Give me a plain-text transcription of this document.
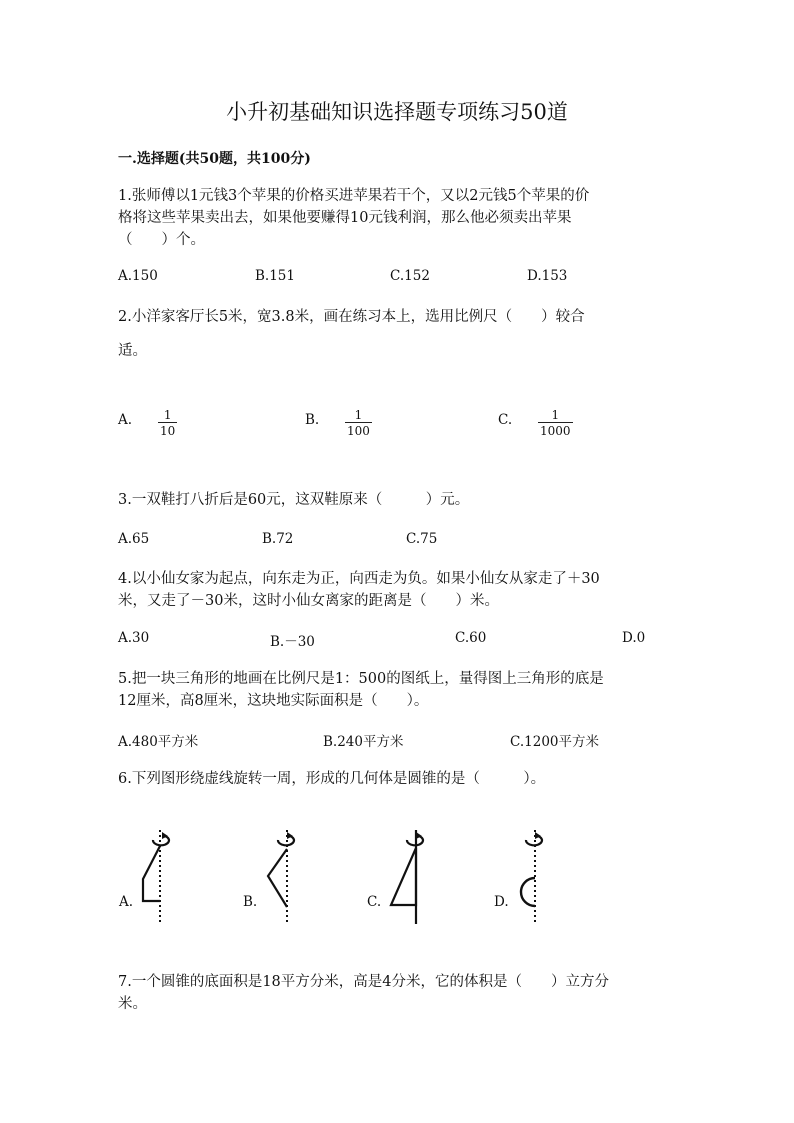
小升初基础知识选择题专项练习50道
一.选择题(共50题，共100分)
1.张师傅以1元钱3个苹果的价格买进苹果若干个，又以2元钱5个苹果的价
格将这些苹果卖出去，如果他要赚得10元钱利润，那么他必须卖出苹果
（　　）个。
A.150	B.151	C.152	D.153
2.小洋家客厅长5米，宽3.8米，画在练习本上，选用比例尺（　　）较合
适。
A. $\frac{1}{10}$	B. $\frac{1}{100}$	C. $\frac{1}{1000}$
3.一双鞋打八折后是60元，这双鞋原来（　　　）元。
A.65	B.72	C.75
4.以小仙女家为起点，向东走为正，向西走为负。如果小仙女从家走了＋30
米，又走了－30米，这时小仙女离家的距离是（　　）米。
A.30	B.－30	C.60	D.0
5.把一块三角形的地画在比例尺是1：500的图纸上，量得图上三角形的底是
12厘米，高8厘米，这块地实际面积是（　　）。
A.480平方米	B.240平方米	C.1200平方米
6.下列图形绕虚线旋转一周，形成的几何体是圆锥的是（　　　）。
A.	B.	C.	D.
7.一个圆锥的底面积是18平方分米，高是4分米，它的体积是（　　）立方分
米。
